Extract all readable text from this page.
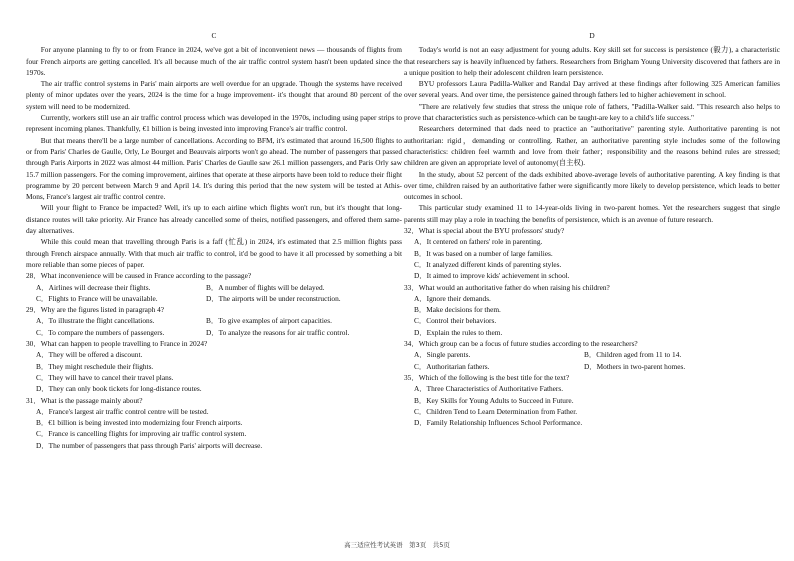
C

For anyone planning to fly to or from France in 2024, we've got a bit of inconvenient news — thousands of flights from four French airports are getting cancelled. It's all because much of the air traffic control system hasn't been updated since the 1970s.

The air traffic control systems in Paris' main airports are well overdue for an upgrade. Though the systems have received plenty of minor updates over the years, 2024 is the time for a huge improvement- it's thought that around 80 percent of the system will need to be modernized.

Currently, workers still use an air traffic control process which was developed in the 1970s, including using paper strips to represent incoming planes. Thankfully, €1 billion is being invested into improving France's air traffic control.

But that means there'll be a large number of cancellations. According to BFM, it's estimated that around 16,500 flights to or from Paris' Charles de Gaulle, Orly, Le Bourget and Beauvais airports won't go ahead. The number of passengers that passed through Paris Airports in 2022 was almost 44 million. Paris' Charles de Gaulle saw 26.1 million passengers, and Paris Orly saw 15.7 million passengers. For the coming improvement, airlines that operate at these airports have been told to reduce their flight programme by 20 percent between March 9 and April 14. It's during this period that the new system will be tested at Athis-Mons, France's largest air traffic control centre.

Will your flight to France be impacted? Well, it's up to each airline which flights won't run, but it's thought that long-distance routes will take priority. Air France has already cancelled some of theirs, notified passengers, and offered them same-day alternatives.

While this could mean that travelling through Paris is a faff (忙乱) in 2024, it's estimated that 2.5 million flights pass through French airspace annually. With that much air traffic to control, it'd be good to have it all processed by something a bit more reliable than some pieces of paper.

28．What inconvenience will be caused in France according to the passage?
A．Airlines will decrease their flights.	B．A number of flights will be delayed.
C．Flights to France will be unavailable.	D．The airports will be under reconstruction.
29．Why are the figures listed in paragraph 4?
A．To illustrate the flight cancellations.	B．To give examples of airport capacities.
C．To compare the numbers of passengers.	D．To analyze the reasons for air traffic control.
30．What can happen to people travelling to France in 2024?
A．They will be offered a discount.
B．They might reschedule their flights.
C．They will have to cancel their travel plans.
D．They can only book tickets for long-distance routes.
31．What is the passage mainly about?
A．France's largest air traffic control centre will be tested.
B．€1 billion is being invested into modernizing four French airports.
C．France is cancelling flights for improving air traffic control system.
D．The number of passengers that pass through Paris' airports will decrease.
D

Today's world is not an easy adjustment for young adults. Key skill set for success is persistence (毅力), a characteristic that researchers say is heavily influenced by fathers. Researchers from Brigham Young University discovered that fathers are in a unique position to help their adolescent children learn persistence.

BYU professors Laura Padilla-Walker and Randal Day arrived at these findings after following 325 American families over several years. And over time, the persistence gained through fathers led to higher achievement in school.

"There are relatively few studies that stress the unique role of fathers, "Padilla-Walker said. "This research also helps to prove that characteristics such as persistence-which can be taught-are key to a child's life success."

Researchers determined that dads need to practice an "authoritative" parenting style. Authoritative parenting is not authoritarian: rigid，demanding or controlling. Rather, an authoritative parenting style includes some of the following characteristics: children feel warmth and love from their father；responsibility and the reasons behind rules are stressed; children are given an appropriate level of autonomy(自主权).

In the study, about 52 percent of the dads exhibited above-average levels of authoritative parenting. A key finding is that over time, children raised by an authoritative father were significantly more likely to develop persistence, which leads to better outcomes in school.

This particular study examined 11 to 14-year-olds living in two-parent homes. Yet the researchers suggest that single parents still may play a role in teaching the benefits of persistence, which is an avenue of future research.

32．What is special about the BYU professors' study?
A．It centered on fathers' role in parenting.
B．It was based on a number of large families.
C．It analyzed different kinds of parenting styles.
D．It aimed to improve kids' achievement in school.
33．What would an authoritative father do when raising his children?
A．Ignore their demands.
B．Make decisions for them.
C．Control their behaviors.
D．Explain the rules to them.
34．Which group can be a focus of future studies according to the researchers?
A．Single parents.	B．Children aged from 11 to 14.
C．Authoritarian fathers.	D．Mothers in two-parent homes.
35．Which of the following is the best title for the text?
A．Three Characteristics of Authoritative Fathers.
B．Key Skills for Young Adults to Succeed in Future.
C．Children Tend to Learn Determination from Father.
D．Family Relationship Influences School Performance.
高三适应性考试英语　第3页　共5页
